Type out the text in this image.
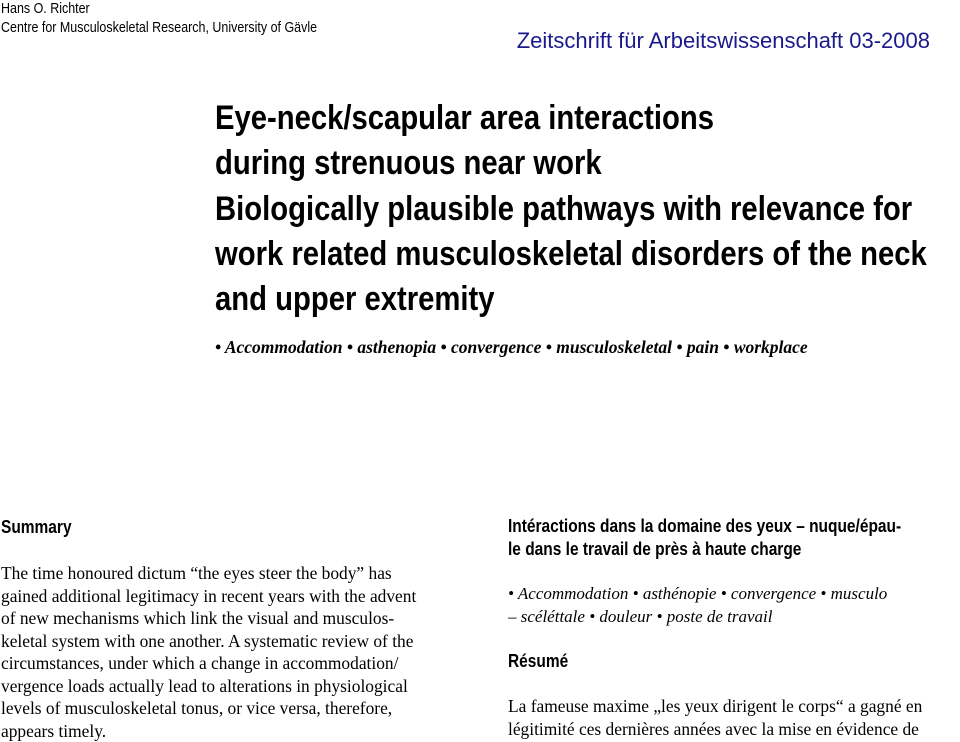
Hans O. Richter
Centre for Musculoskeletal Research, University of Gävle	Zeitschrift für Arbeitswissenschaft 03-2008
Eye-neck/scapular area interactions
during strenuous near work
Biologically plausible pathways with relevance for
work related musculoskeletal disorders of the neck
and upper extremity
• Accommodation • asthenopia • convergence • musculoskeletal • pain • workplace
Summary
The time honoured dictum “the eyes steer the body” has
gained additional legitimacy in recent years with the advent
of new mechanisms which link the visual and musculos-
keletal system with one another. A systematic review of the
circumstances, under which a change in accommodation/
vergence loads actually lead to alterations in physiological
levels of musculoskeletal tonus, or vice versa, therefore,
appears timely.
Intéractions dans la domaine des yeux – nuque/épau-
le dans le travail de près à haute charge
• Accommodation • asthénopie • convergence • musculo
– scéléttale • douleur • poste de travail
Résumé
La fameuse maxime „les yeux dirigent le corps“ a gagné en
légitimité ces dernières années avec la mise en évidence de
